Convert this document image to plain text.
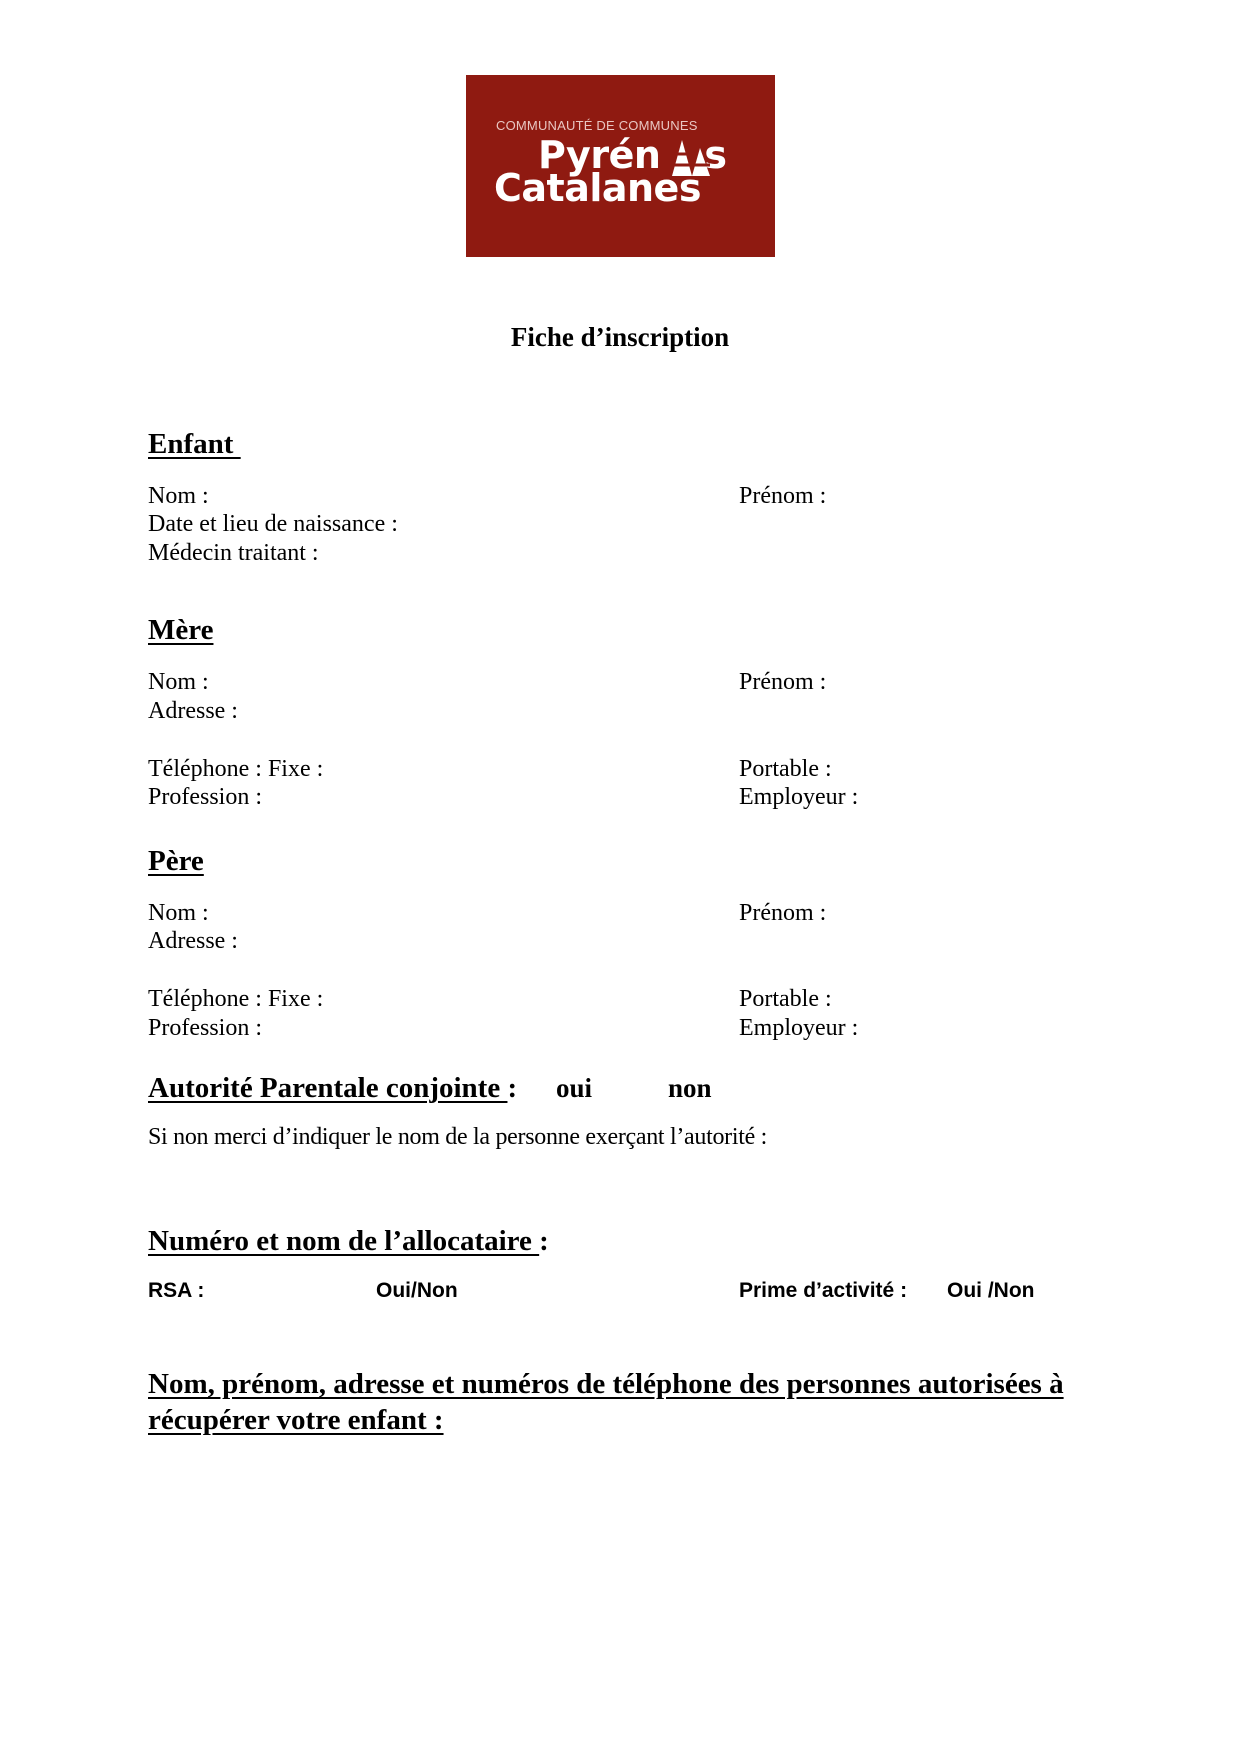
COMMUNAUTÉ DE COMMUNES
Pyrén s
Catalanes
Fiche d’inscription
Enfant
Nom :	Prénom :
Date et lieu de naissance :
Médecin traitant :
Mère
Nom :	Prénom :
Adresse :
Téléphone : Fixe :	Portable :
Profession :	Employeur :
Père
Nom :	Prénom :
Adresse :
Téléphone : Fixe :	Portable :
Profession :	Employeur :
Autorité Parentale conjointe : oui	non
Si non merci d’indiquer le nom de la personne exerçant l’autorité :
Numéro et nom de l’allocataire :
RSA :	Oui/Non	Prime d’activité : Oui /Non
Nom, prénom, adresse et numéros de téléphone des personnes autorisées à récupérer votre enfant :
